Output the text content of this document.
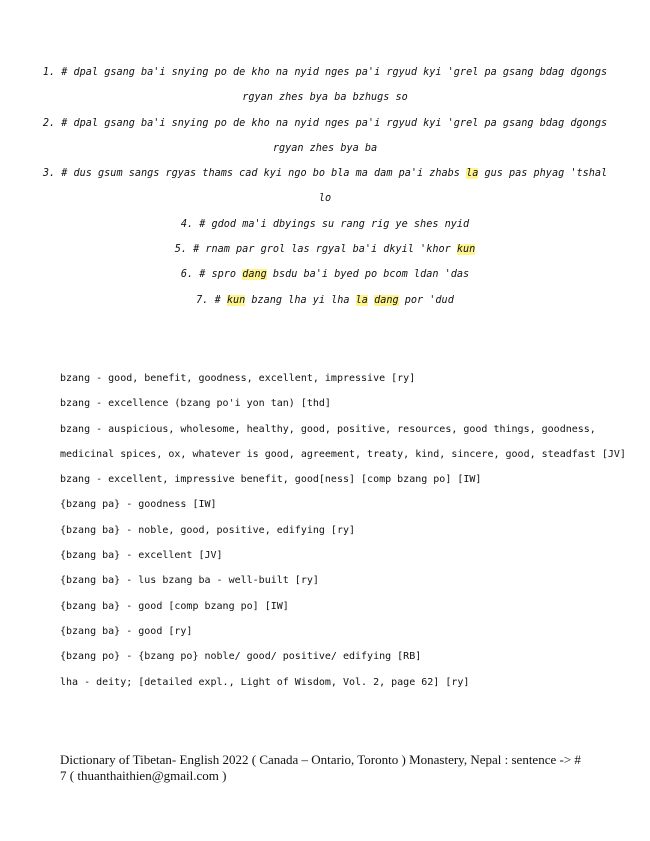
1. # dpal gsang ba'i snying po de kho na nyid nges pa'i rgyud kyi 'grel pa gsang bdag dgongs rgyan zhes bya ba bzhugs so

2. # dpal gsang ba'i snying po de kho na nyid nges pa'i rgyud kyi 'grel pa gsang bdag dgongs rgyan zhes bya ba

3. # dus gsum sangs rgyas thams cad kyi ngo bo bla ma dam pa'i zhabs la gus pas phyag 'tshal lo

4. # gdod ma'i dbyings su rang rig ye shes nyid

5. # rnam par grol las rgyal ba'i dkyil 'khor kun

6. # spro dang bsdu ba'i byed po bcom ldan 'das

7. # kun bzang lha yi lha la dang por 'dud

bzang - good, benefit, goodness, excellent, impressive [ry]

bzang - excellence (bzang po'i yon tan) [thd]

bzang - auspicious, wholesome, healthy, good, positive, resources, good things, goodness, medicinal spices, ox, whatever is good, agreement, treaty, kind, sincere, good, steadfast [JV]

bzang - excellent, impressive benefit, good[ness] [comp bzang po] [IW]

{bzang pa} - goodness [IW]

{bzang ba} - noble, good, positive, edifying [ry]

{bzang ba} - excellent [JV]

{bzang ba} - lus bzang ba - well-built [ry]

{bzang ba} - good [comp bzang po] [IW]

{bzang ba} - good [ry]

{bzang po} - {bzang po} noble/ good/ positive/ edifying [RB]

lha - deity; [detailed expl., Light of Wisdom, Vol. 2, page 62] [ry]

Dictionary of Tibetan- English 2022 ( Canada – Ontario, Toronto ) Monastery, Nepal : sentence -> # 7 ( thuanthaithien@gmail.com )
